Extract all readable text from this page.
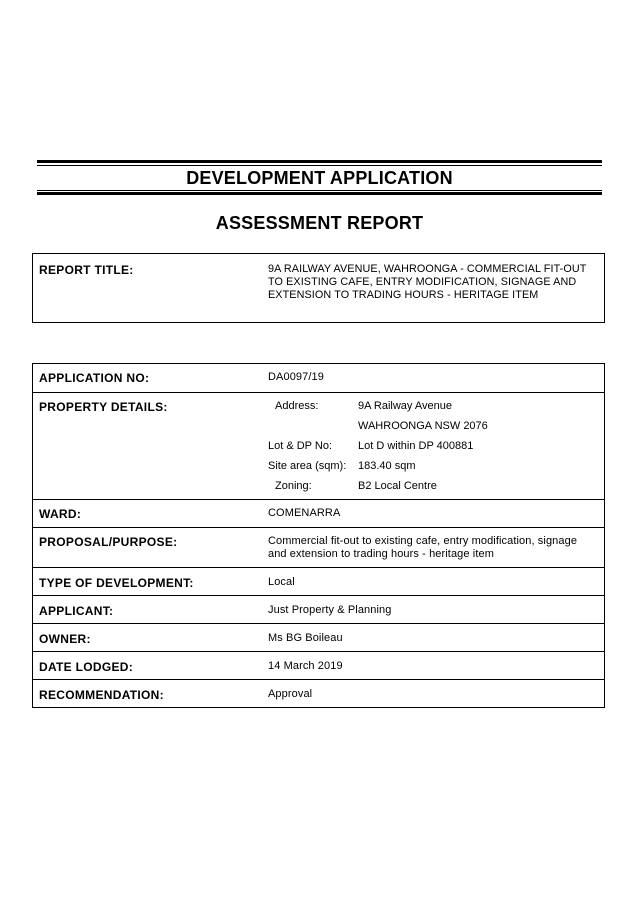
DEVELOPMENT APPLICATION
ASSESSMENT REPORT
REPORT TITLE:	9A RAILWAY AVENUE, WAHROONGA - COMMERCIAL FIT-OUT TO EXISTING CAFE, ENTRY MODIFICATION, SIGNAGE AND EXTENSION TO TRADING HOURS - HERITAGE ITEM
APPLICATION NO:	DA0097/19
PROPERTY DETAILS:	Address:	9A Railway Avenue
WAHROONGA NSW 2076
Lot & DP No: Lot D within DP 400881
Site area (sqm): 183.40 sqm
Zoning:	B2 Local Centre
WARD:	COMENARRA
PROPOSAL/PURPOSE:	Commercial fit-out to existing cafe, entry modification, signage and extension to trading hours - heritage item
TYPE OF DEVELOPMENT:	Local
APPLICANT:	Just Property & Planning
OWNER:	Ms BG Boileau
DATE LODGED:	14 March 2019
RECOMMENDATION:	Approval
